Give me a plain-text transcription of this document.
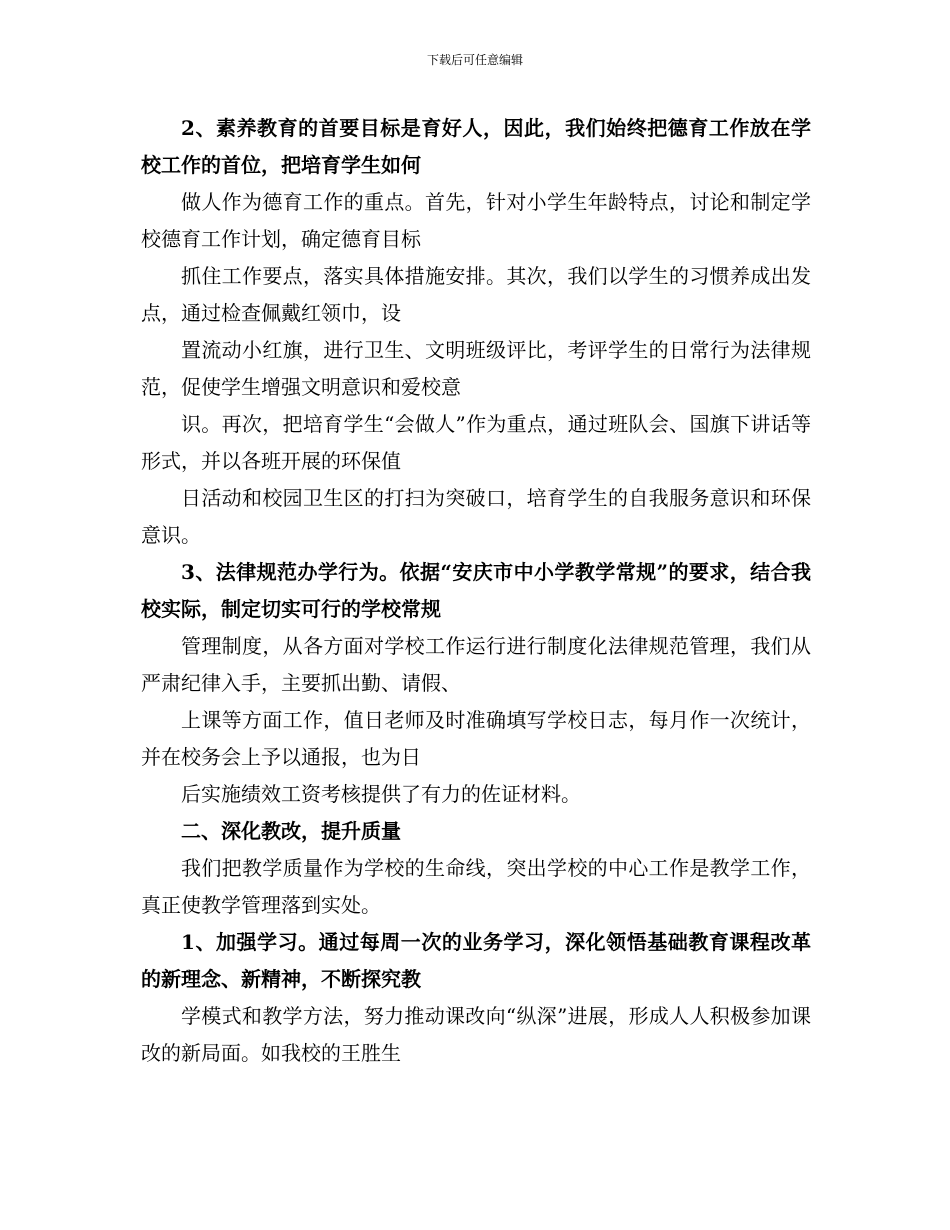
下载后可任意编辑

2、素养教育的首要目标是育好人，因此，我们始终把德育工作放在学校工作的首位，把培育学生如何

做人作为德育工作的重点。首先，针对小学生年龄特点，讨论和制定学校德育工作计划，确定德育目标

抓住工作要点，落实具体措施安排。其次，我们以学生的习惯养成出发点，通过检查佩戴红领巾，设

置流动小红旗，进行卫生、文明班级评比，考评学生的日常行为法律规范，促使学生增强文明意识和爱校意

识。再次，把培育学生“会做人”作为重点，通过班队会、国旗下讲话等形式，并以各班开展的环保值

日活动和校园卫生区的打扫为突破口，培育学生的自我服务意识和环保意识。

3、法律规范办学行为。依据“安庆市中小学教学常规”的要求，结合我校实际，制定切实可行的学校常规

管理制度，从各方面对学校工作运行进行制度化法律规范管理，我们从严肃纪律入手，主要抓出勤、请假、

上课等方面工作，值日老师及时准确填写学校日志，每月作一次统计，并在校务会上予以通报，也为日

后实施绩效工资考核提供了有力的佐证材料。

二、深化教改，提升质量

我们把教学质量作为学校的生命线，突出学校的中心工作是教学工作，真正使教学管理落到实处。

1、加强学习。通过每周一次的业务学习，深化领悟基础教育课程改革的新理念、新精神，不断探究教

学模式和教学方法，努力推动课改向“纵深”进展，形成人人积极参加课改的新局面。如我校的王胜生
